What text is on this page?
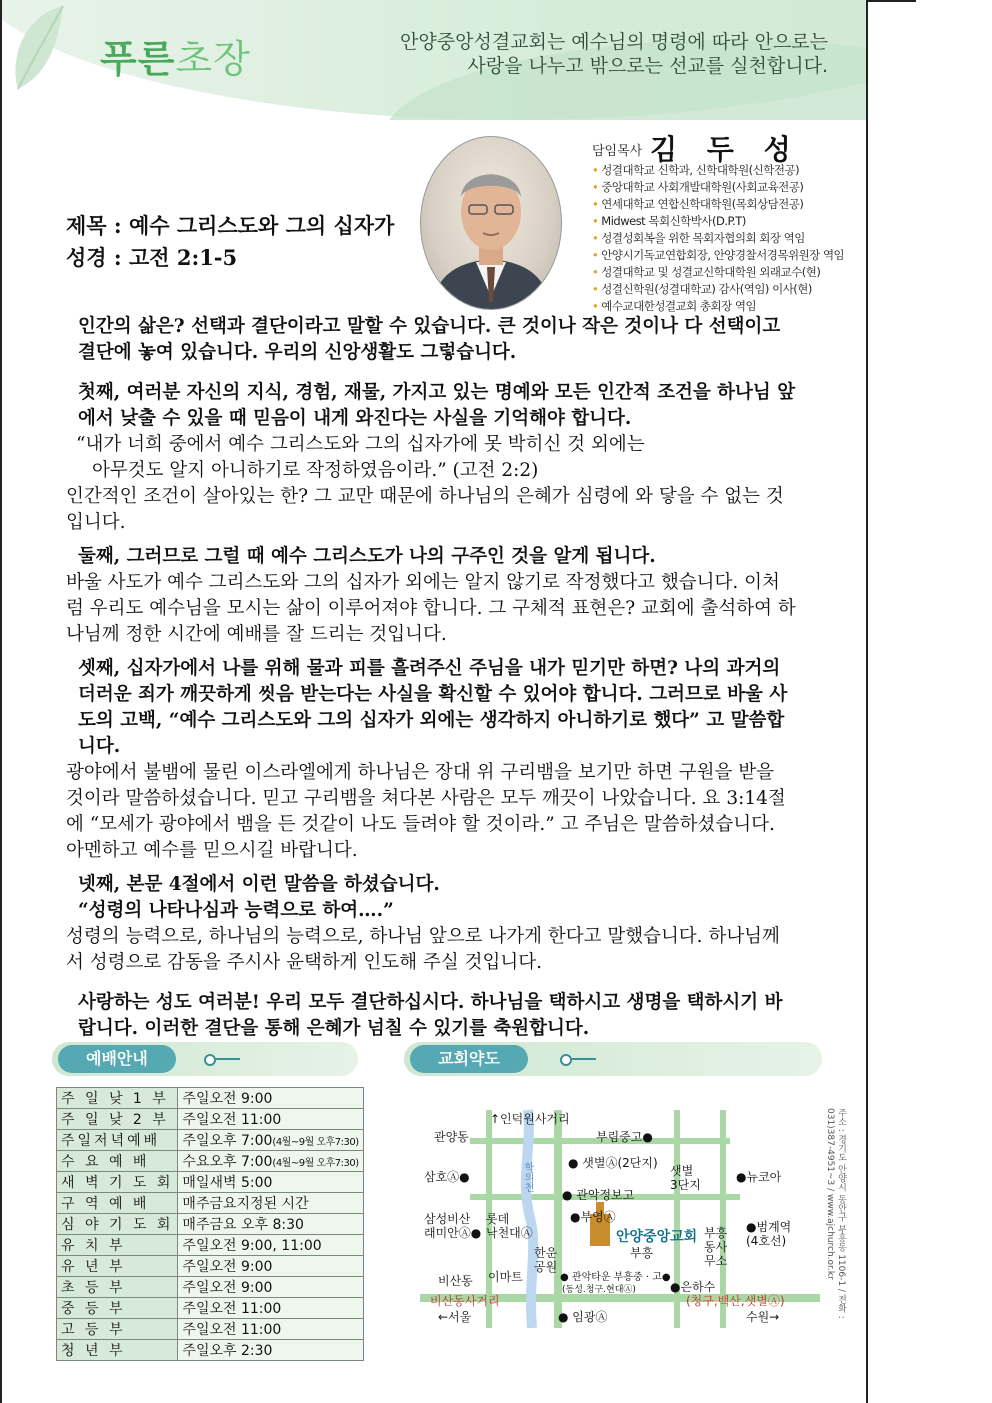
푸른초장	안양중앙성결교회는 예수님의 명령에 따라 안으로는
사랑을 나누고 밖으로는 선교를 실천합니다.
담임목사 김 두 성
• 성결대학교 신학과, 신학대학원(신학전공)
• 중앙대학교 사회개발대학원(사회교육전공)
• 연세대학교 연합신학대학원(목회상담전공)
• Midwest 목회신학박사(D.P.T)
• 성결성회복을 위한 목회자협의회 회장 역임
• 안양시기독교연합회장, 안양경찰서경목위원장 역임
• 성결대학교 및 성결교신학대학원 외래교수(현)
• 성결신학원(성결대학교) 감사(역임) 이사(현)
• 예수교대한성결교회 총회장 역임
제목 : 예수 그리스도와 그의 십자가
성경 : 고전 2:1-5

인간의 삶은? 선택과 결단이라고 말할 수 있습니다. 큰 것이나 작은 것이나 다 선택이고 결단에 놓여 있습니다. 우리의 신앙생활도 그렇습니다.

첫째, 여러분 자신의 지식, 경험, 재물, 가지고 있는 명예와 모든 인간적 조건을 하나님 앞에서 낮출 수 있을 때 믿음이 내게 와진다는 사실을 기억해야 합니다.

“내가 너희 중에서 예수 그리스도와 그의 십자가에 못 박히신 것 외에는

아무것도 알지 아니하기로 작정하였음이라.” (고전 2:2)

인간적인 조건이 살아있는 한? 그 교만 때문에 하나님의 은혜가 심령에 와 닿을 수 없는 것입니다.

둘째, 그러므로 그럴 때 예수 그리스도가 나의 구주인 것을 알게 됩니다.

바울 사도가 예수 그리스도와 그의 십자가 외에는 알지 않기로 작정했다고 했습니다. 이처럼 우리도 예수님을 모시는 삶이 이루어져야 합니다. 그 구체적 표현은? 교회에 출석하여 하나님께 정한 시간에 예배를 잘 드리는 것입니다.

셋째, 십자가에서 나를 위해 물과 피를 흘려주신 주님을 내가 믿기만 하면? 나의 과거의 더러운 죄가 깨끗하게 씻음 받는다는 사실을 확신할 수 있어야 합니다. 그러므로 바울 사도의 고백, “예수 그리스도와 그의 십자가 외에는 생각하지 아니하기로 했다” 고 말씀합니다.

광야에서 불뱀에 물린 이스라엘에게 하나님은 장대 위 구리뱀을 보기만 하면 구원을 받을 것이라 말씀하셨습니다. 믿고 구리뱀을 쳐다본 사람은 모두 깨끗이 나았습니다. 요 3:14절에 “모세가 광야에서 뱀을 든 것같이 나도 들려야 할 것이라.” 고 주님은 말씀하셨습니다. 아멘하고 예수를 믿으시길 바랍니다.

넷째, 본문 4절에서 이런 말씀을 하셨습니다.

“성령의 나타나심과 능력으로 하여….”

성령의 능력으로, 하나님의 능력으로, 하나님 앞으로 나가게 한다고 말했습니다. 하나님께서 성령으로 감동을 주시사 윤택하게 인도해 주실 것입니다.

사랑하는 성도 여러분! 우리 모두 결단하십시다. 하나님을 택하시고 생명을 택하시기 바랍니다. 이러한 결단을 통해 은혜가 넘칠 수 있기를 축원합니다.

예배안내
주 일 낮 1 부	주일오전 9:00
주 일 낮 2 부	주일오전 11:00
주일저녁예배	주일오후 7:00(4월~9월 오후7:30)
수 요 예 배	수요오후 7:00(4월~9월 오후7:30)
새 벽 기 도 회	매일새벽 5:00
구 역 예 배	매주금요지정된 시간
심 야 기 도 회	매주금요 오후 8:30
유 치 부	주일오전 9:00, 11:00
유 년 부	주일오전 9:00
초 등 부	주일오전 9:00
중 등 부	주일오전 11:00
고 등 부	주일오전 11:00
청 년 부	주일오후 2:30
교회약도
↑인덕원사거리
관양동	부림중고●
삼호Ⓐ●
● 샛별Ⓐ(2단지)
샛별
3단지
●뉴코아
학의천
● 관악정보고
삼성비산
래미안Ⓐ●
롯데
낙천대Ⓐ
●부영Ⓐ
안양중앙교회
부흥
부흥
동사
무소
●범계역
(4호선)
한운
공원
비산동 이마트	● 관악타운 부흥중 · 고●
(동성.청구.현대Ⓐ)	●은하수
비산동사거리	(청구,백산,샛별Ⓐ)
←서울	● 임광Ⓐ	수원→	주소 : 경기도 안양시 동안구 부흥동 1106-1 / 전화 : 031)387-4951~3 / www.ajchurch.or.kr
